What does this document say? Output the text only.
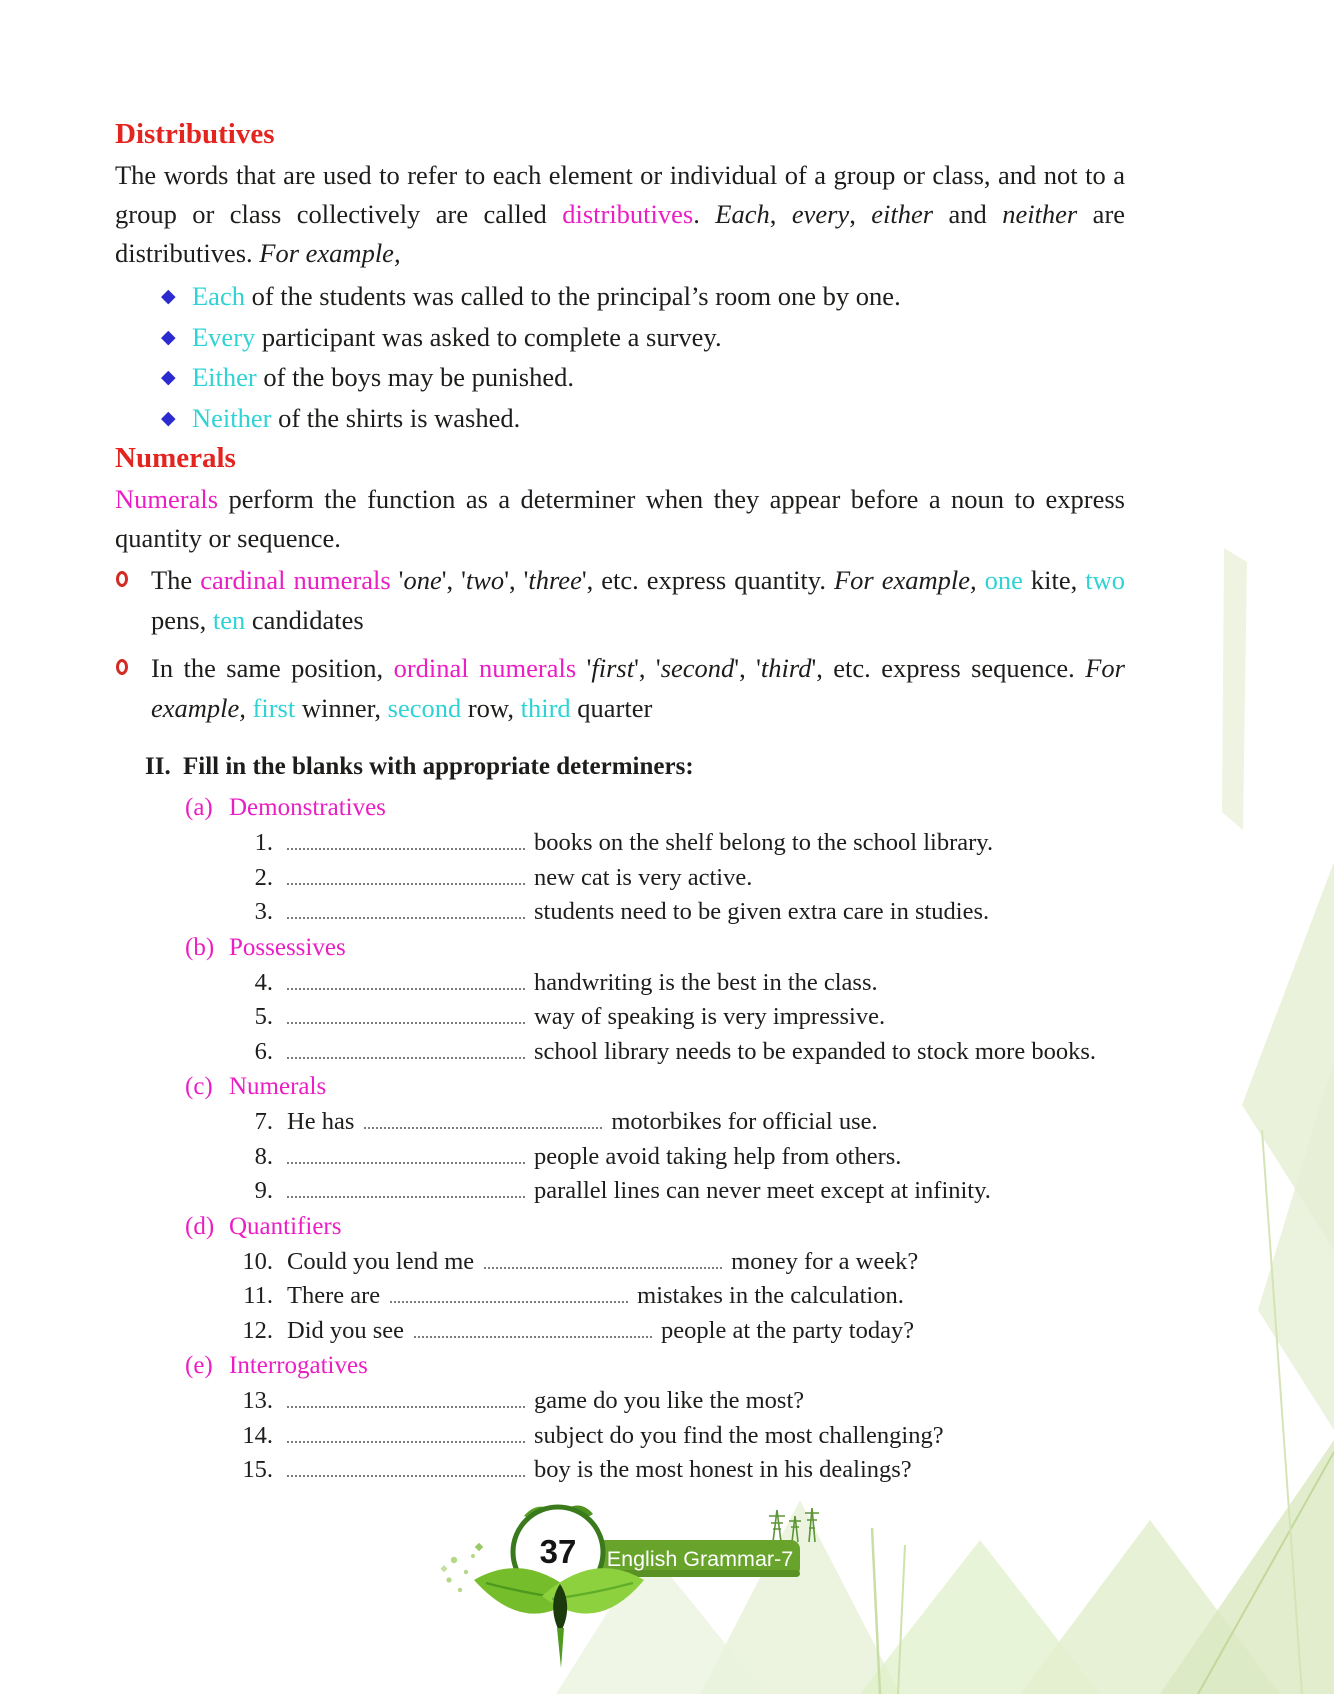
Distributives

The words that are used to refer to each element or individual of a group or class, and not to a group or class collectively are called distributives. Each, every, either and neither are distributives. For example,

◆ Each of the students was called to the principal’s room one by one.
◆ Every participant was asked to complete a survey.
◆ Either of the boys may be punished.
◆ Neither of the shirts is washed.
Numerals

Numerals perform the function as a determiner when they appear before a noun to express quantity or sequence.

The cardinal numerals 'one', 'two', 'three', etc. express quantity. For example, one kite, two pens, ten candidates
In the same position, ordinal numerals 'first', 'second', 'third', etc. express sequence. For example, first winner, second row, third quarter
II. Fill in the blanks with appropriate determiners:
(a) Demonstratives
1.	books on the shelf belong to the school library.
2.	new cat is very active.
3.	students need to be given extra care in studies.
(b) Possessives
4.	handwriting is the best in the class.
5.	way of speaking is very impressive.
6.	school library needs to be expanded to stock more books.
(c) Numerals
7. He has	motorbikes for official use.
8.	people avoid taking help from others.
9.	parallel lines can never meet except at infinity.
(d) Quantifiers
10. Could you lend me	money for a week?
11. There are	mistakes in the calculation.
12. Did you see	people at the party today?
(e) Interrogatives
13.	game do you like the most?
14.	subject do you find the most challenging?
15.	boy is the most honest in his dealings?
English Grammar-7
37
